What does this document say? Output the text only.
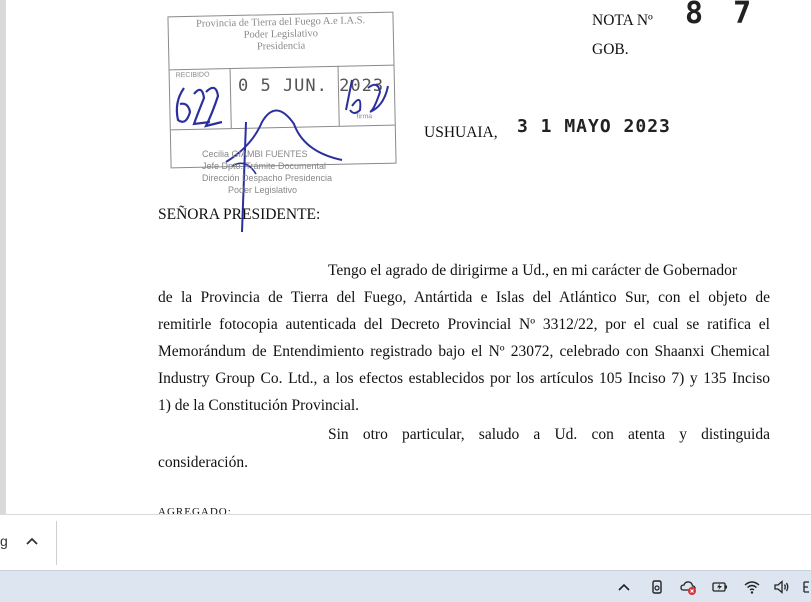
Provincia de Tierra del Fuego A.e I.A.S.
Poder Legislativo
Presidencia
RECIBIDO
firma
0 5 JUN. 2023
Cecilia GIAMBI FUENTES
Jefe Dpto. Trámite Documental
Dirección Despacho Presidencia
Poder Legislativo
NOTA Nº 8 7
GOB.
USHUAIA, 3 1 MAYO 2023
SEÑORA PRESIDENTE:
Tengo el agrado de dirigirme a Ud., en mi carácter de Gobernador
de la Provincia de Tierra del Fuego, Antártida e Islas del Atlántico Sur, con el objeto de
remitirle fotocopia autenticada del Decreto Provincial Nº 3312/22, por el cual se ratifica el
Memorándum de Entendimiento registrado bajo el Nº 23072, celebrado con Shaanxi Chemical
Industry Group Co. Ltd., a los efectos establecidos por los artículos 105 Inciso 7) y 135 Inciso
1) de la Constitución Provincial.
Sin otro particular, saludo a Ud. con atenta y distinguida
consideración.
AGREGADO:
g
